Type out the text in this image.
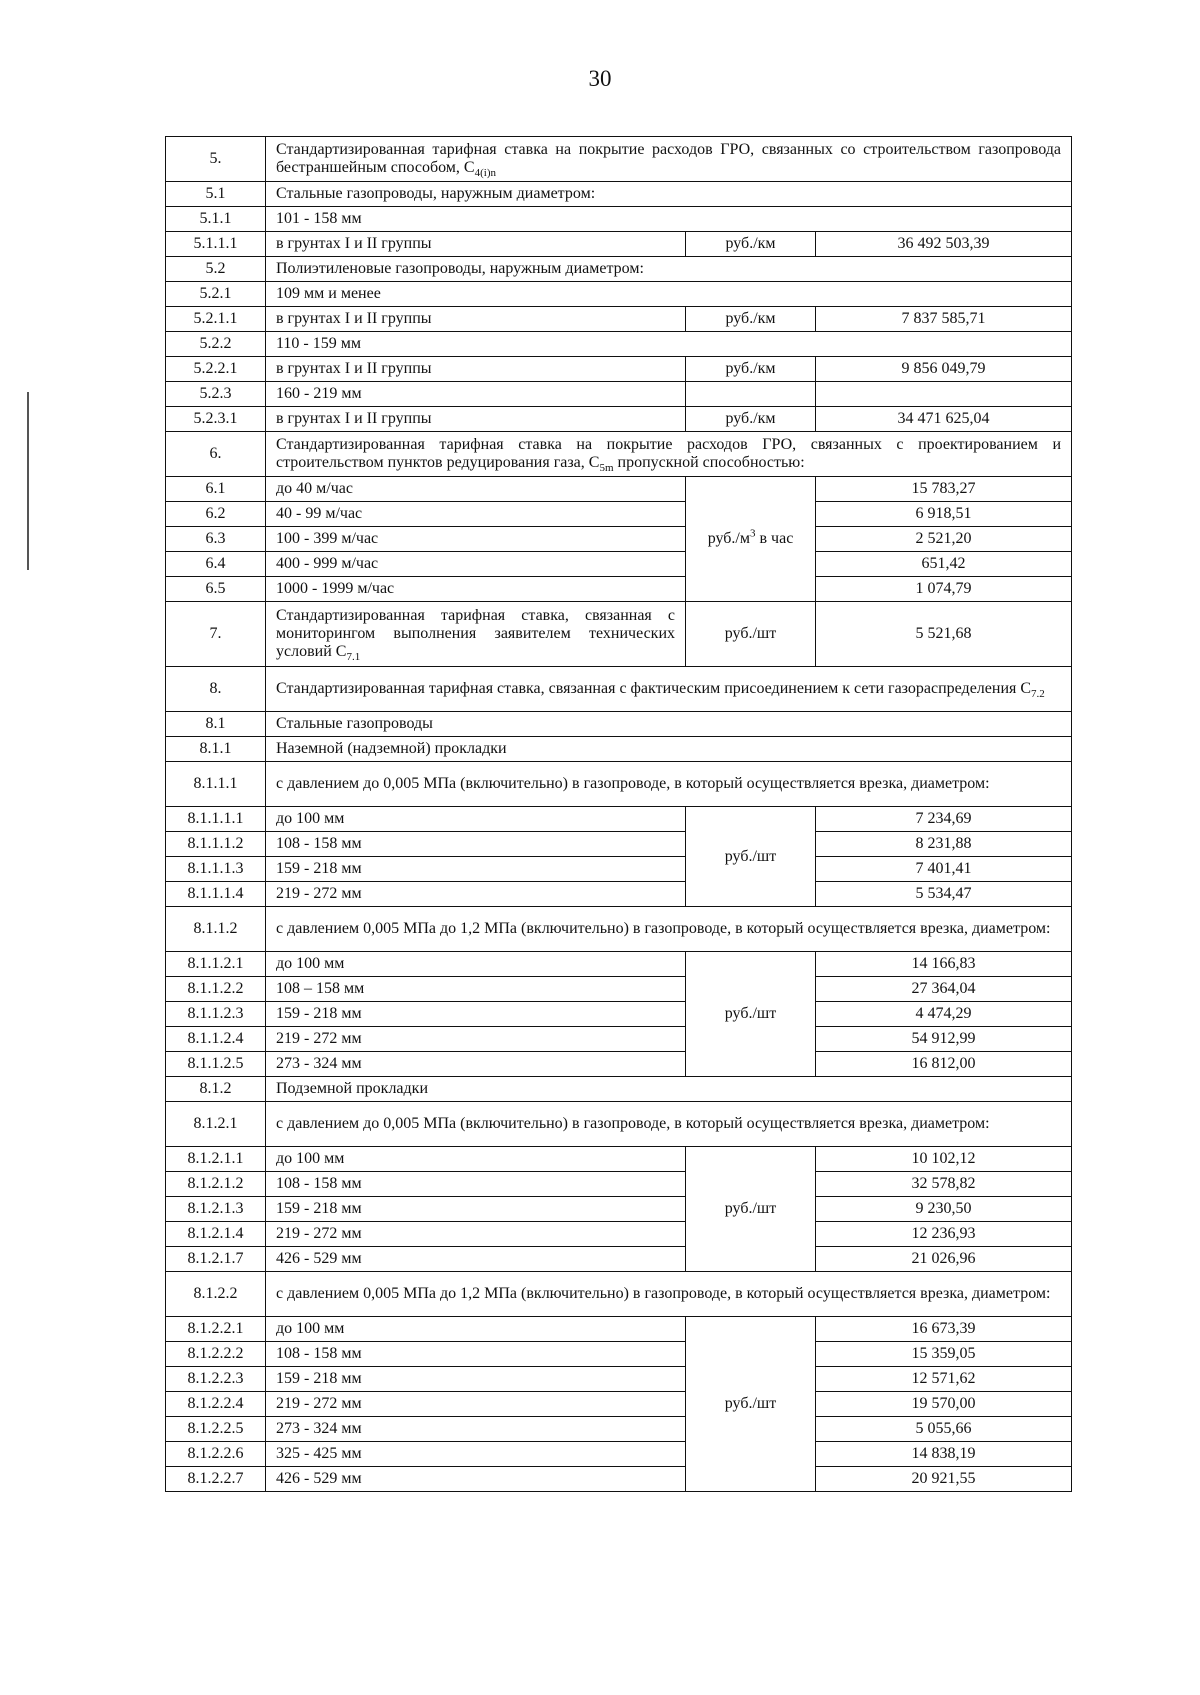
30
5.	Стандартизированная тарифная ставка на покрытие расходов ГРО, связанных со строительством газопровода бестраншейным способом, $C_{4(i)n}$
5.1	Стальные газопроводы, наружным диаметром:		
5.1.1	101 - 158 мм		
5.1.1.1	в грунтах I и II группы	руб./км	36 492 503,39
5.2	Полиэтиленовые газопроводы, наружным диаметром:		
5.2.1	109 мм и менее		
5.2.1.1	в грунтах I и II группы	руб./км	7 837 585,71
5.2.2	110 - 159 мм		
5.2.2.1	в грунтах I и II группы	руб./км	9 856 049,79
5.2.3	160 - 219 мм		
5.2.3.1	в грунтах I и II группы	руб./км	34 471 625,04
6.	Стандартизированная тарифная ставка на покрытие расходов ГРО, связанных с проектированием и строительством пунктов редуцирования газа, $C_{5m}$ пропускной способностью:		
6.1	до 40 м/час	$руб./м^3$ в час	15 783,27
6.2	40 - 99 м/час		6 918,51
6.3	100 - 399 м/час		2 521,20
6.4	400 - 999 м/час		651,42
6.5	1000 - 1999 м/час		1 074,79
7.	Стандартизированная тарифная ставка, связанная с мониторингом выполнения заявителем технических условий $C_{7.1}$	руб./шт	5 521,68
8.	Стандартизированная тарифная ставка, связанная с фактическим присоединением к сети газораспределения $C_{7.2}$
8.1	Стальные газопроводы		
8.1.1	Наземной (надземной) прокладки		
8.1.1.1	с давлением до 0,005 МПа (включительно) в газопроводе, в который осуществляется врезка, диаметром:		
8.1.1.1.1	до 100 мм	руб./шт	7 234,69
8.1.1.1.2	108 - 158 мм		8 231,88
8.1.1.1.3	159 - 218 мм		7 401,41
8.1.1.1.4	219 - 272 мм		5 534,47
8.1.1.2	с давлением 0,005 МПа до 1,2 МПа (включительно) в газопроводе, в который осуществляется врезка, диаметром:		
8.1.1.2.1	до 100 мм	руб./шт	14 166,83
8.1.1.2.2	108 – 158 мм		27 364,04
8.1.1.2.3	159 - 218 мм		4 474,29
8.1.1.2.4	219 - 272 мм		54 912,99
8.1.1.2.5	273 - 324 мм		16 812,00
8.1.2	Подземной прокладки		
8.1.2.1	с давлением до 0,005 МПа (включительно) в газопроводе, в который осуществляется врезка, диаметром:		
8.1.2.1.1	до 100 мм	руб./шт	10 102,12
8.1.2.1.2	108 - 158 мм		32 578,82
8.1.2.1.3	159 - 218 мм		9 230,50
8.1.2.1.4	219 - 272 мм		12 236,93
8.1.2.1.7	426 - 529 мм		21 026,96
8.1.2.2	с давлением 0,005 МПа до 1,2 МПа (включительно) в газопроводе, в который осуществляется врезка, диаметром:		
8.1.2.2.1	до 100 мм	руб./шт	16 673,39
8.1.2.2.2	108 - 158 мм		15 359,05
8.1.2.2.3	159 - 218 мм		12 571,62
8.1.2.2.4	219 - 272 мм		19 570,00
8.1.2.2.5	273 - 324 мм		5 055,66
8.1.2.2.6	325 - 425 мм		14 838,19
8.1.2.2.7	426 - 529 мм		20 921,55
